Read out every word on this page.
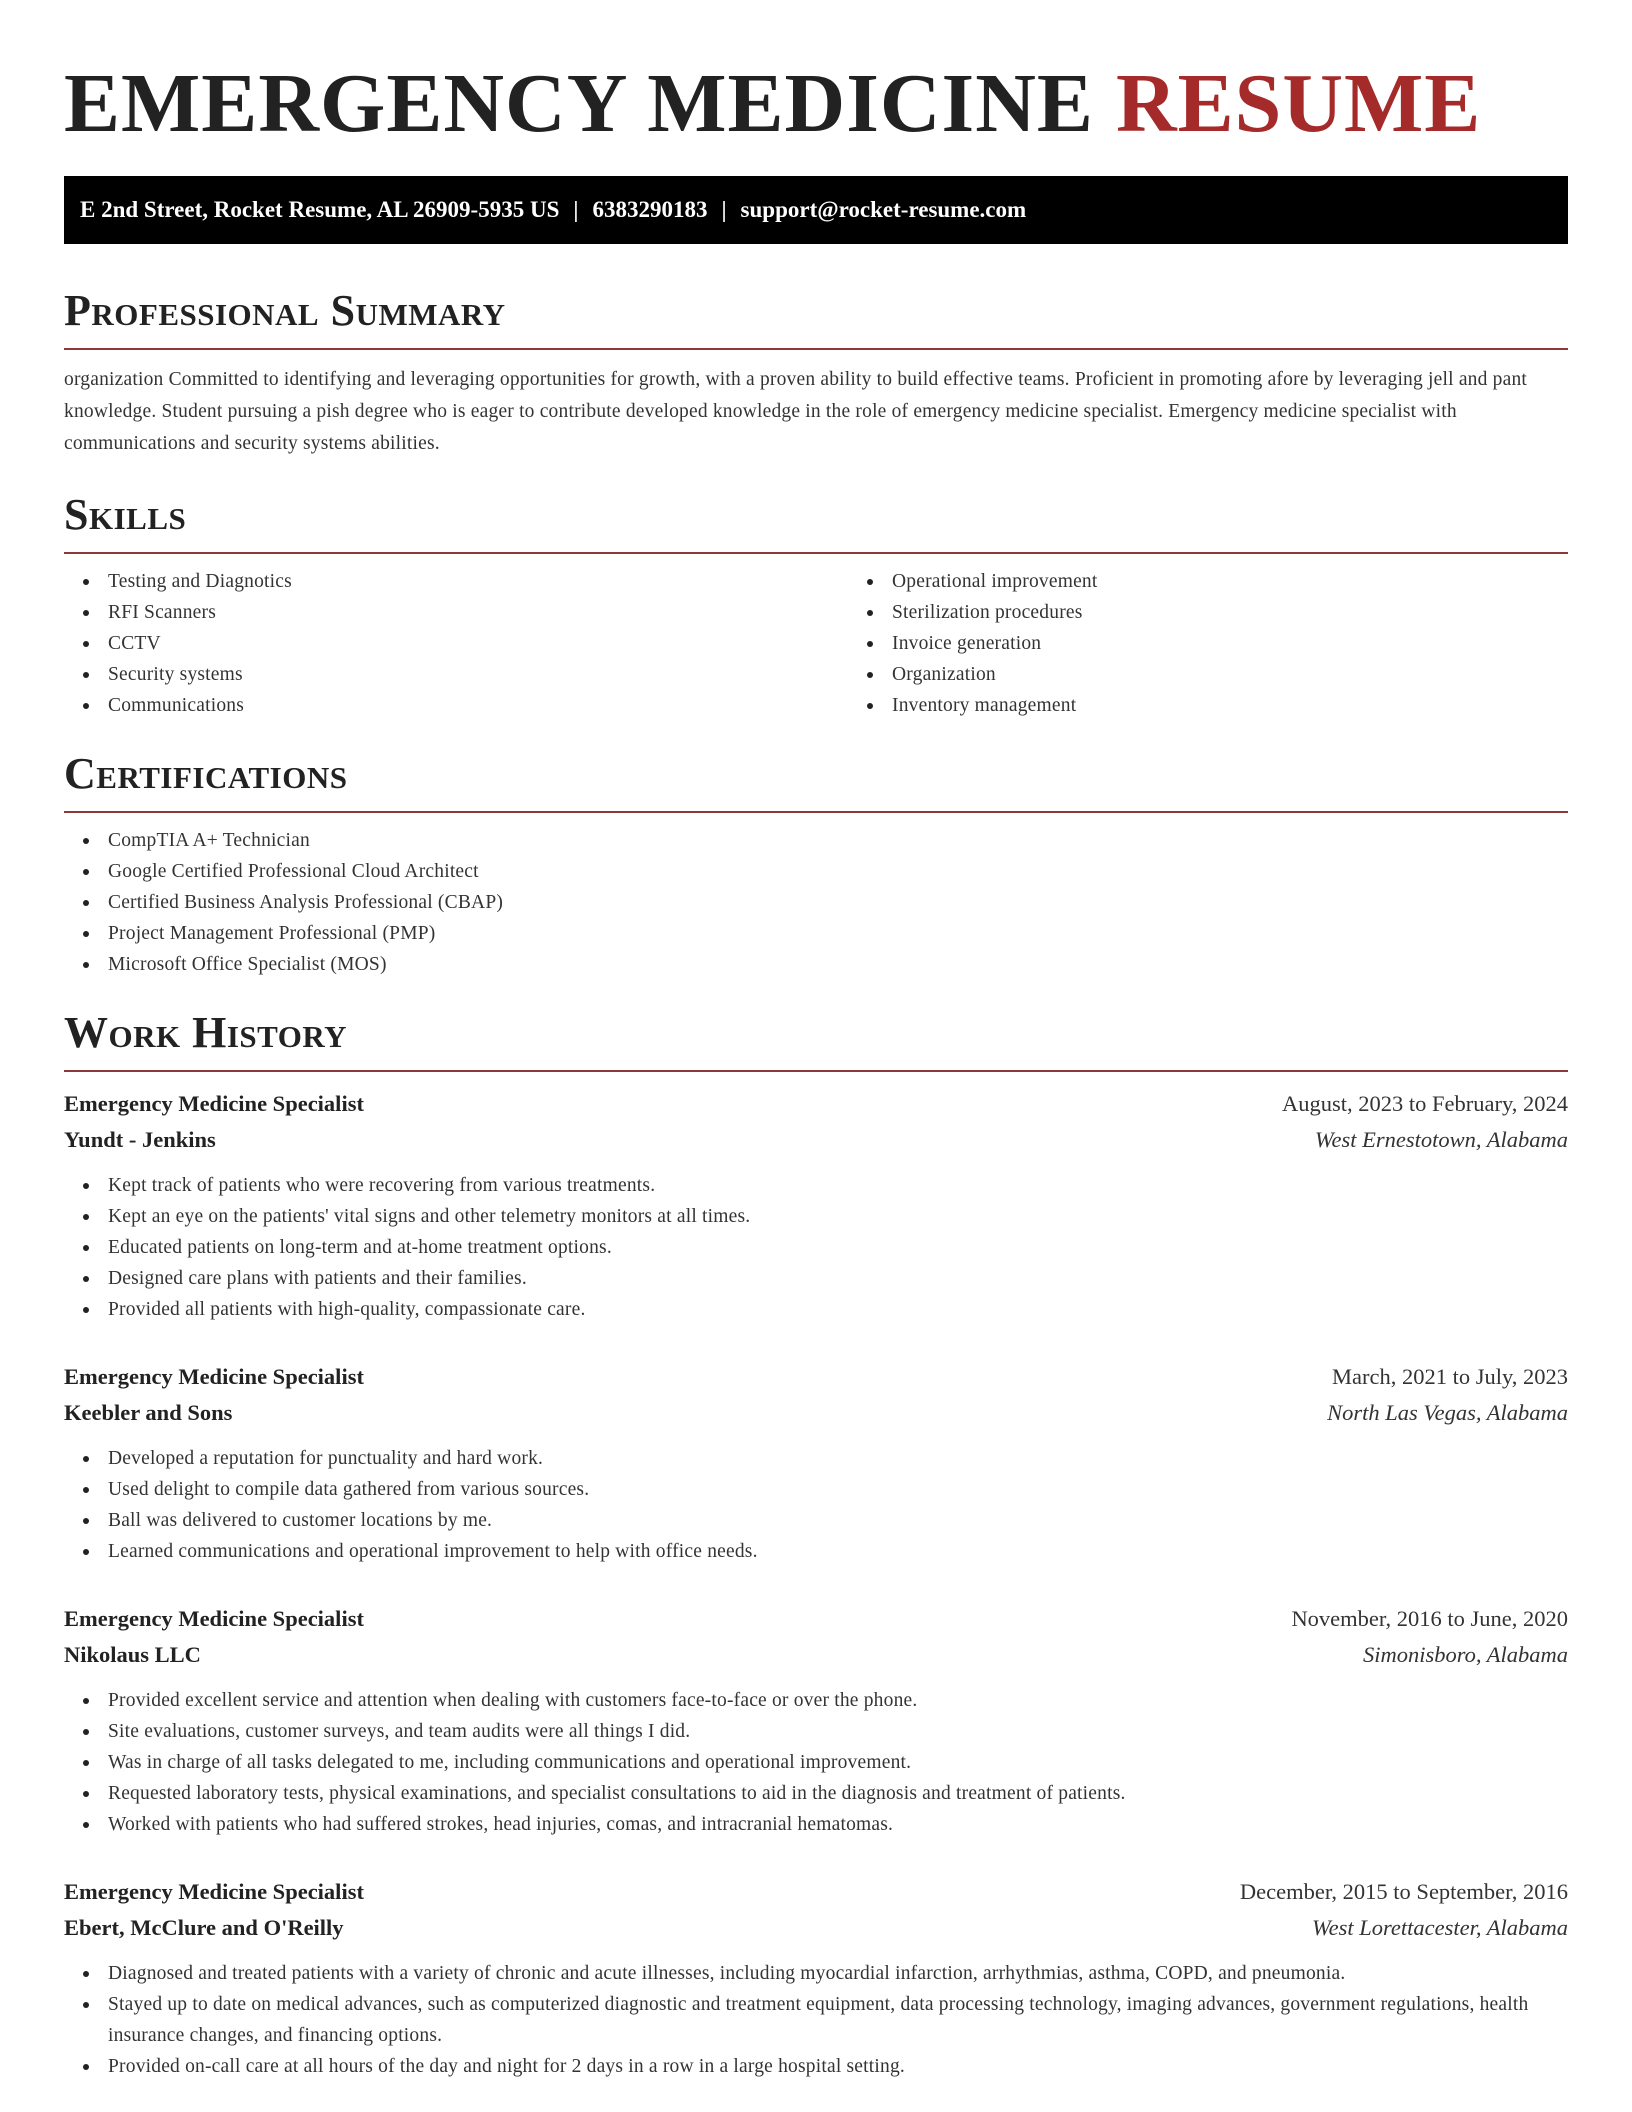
EMERGENCY MEDICINE RESUME
E 2nd Street, Rocket Resume, AL 26909-5935 US | 6383290183 | support@rocket-resume.com
Professional Summary

organization Committed to identifying and leveraging opportunities for growth, with a proven ability to build effective teams. Proficient in promoting afore by leveraging jell and pant knowledge. Student pursuing a pish degree who is eager to contribute developed knowledge in the role of emergency medicine specialist. Emergency medicine specialist with communications and security systems abilities.

Skills
Testing and Diagnotics
RFI Scanners
CCTV
Security systems
Communications
Operational improvement
Sterilization procedures
Invoice generation
Organization
Inventory management
Certifications
CompTIA A+ Technician
Google Certified Professional Cloud Architect
Certified Business Analysis Professional (CBAP)
Project Management Professional (PMP)
Microsoft Office Specialist (MOS)
Work History
Emergency Medicine Specialist	August, 2023 to February, 2024
Yundt - Jenkins	West Ernestotown, Alabama
Kept track of patients who were recovering from various treatments.
Kept an eye on the patients' vital signs and other telemetry monitors at all times.
Educated patients on long-term and at-home treatment options.
Designed care plans with patients and their families.
Provided all patients with high-quality, compassionate care.
Emergency Medicine Specialist	March, 2021 to July, 2023
Keebler and Sons	North Las Vegas, Alabama
Developed a reputation for punctuality and hard work.
Used delight to compile data gathered from various sources.
Ball was delivered to customer locations by me.
Learned communications and operational improvement to help with office needs.
Emergency Medicine Specialist	November, 2016 to June, 2020
Nikolaus LLC	Simonisboro, Alabama
Provided excellent service and attention when dealing with customers face-to-face or over the phone.
Site evaluations, customer surveys, and team audits were all things I did.
Was in charge of all tasks delegated to me, including communications and operational improvement.
Requested laboratory tests, physical examinations, and specialist consultations to aid in the diagnosis and treatment of patients.
Worked with patients who had suffered strokes, head injuries, comas, and intracranial hematomas.
Emergency Medicine Specialist	December, 2015 to September, 2016
Ebert, McClure and O'Reilly	West Lorettacester, Alabama
Diagnosed and treated patients with a variety of chronic and acute illnesses, including myocardial infarction, arrhythmias, asthma, COPD, and pneumonia.
Stayed up to date on medical advances, such as computerized diagnostic and treatment equipment, data processing technology, imaging advances, government regulations, health insurance changes, and financing options.
Provided on-call care at all hours of the day and night for 2 days in a row in a large hospital setting.
